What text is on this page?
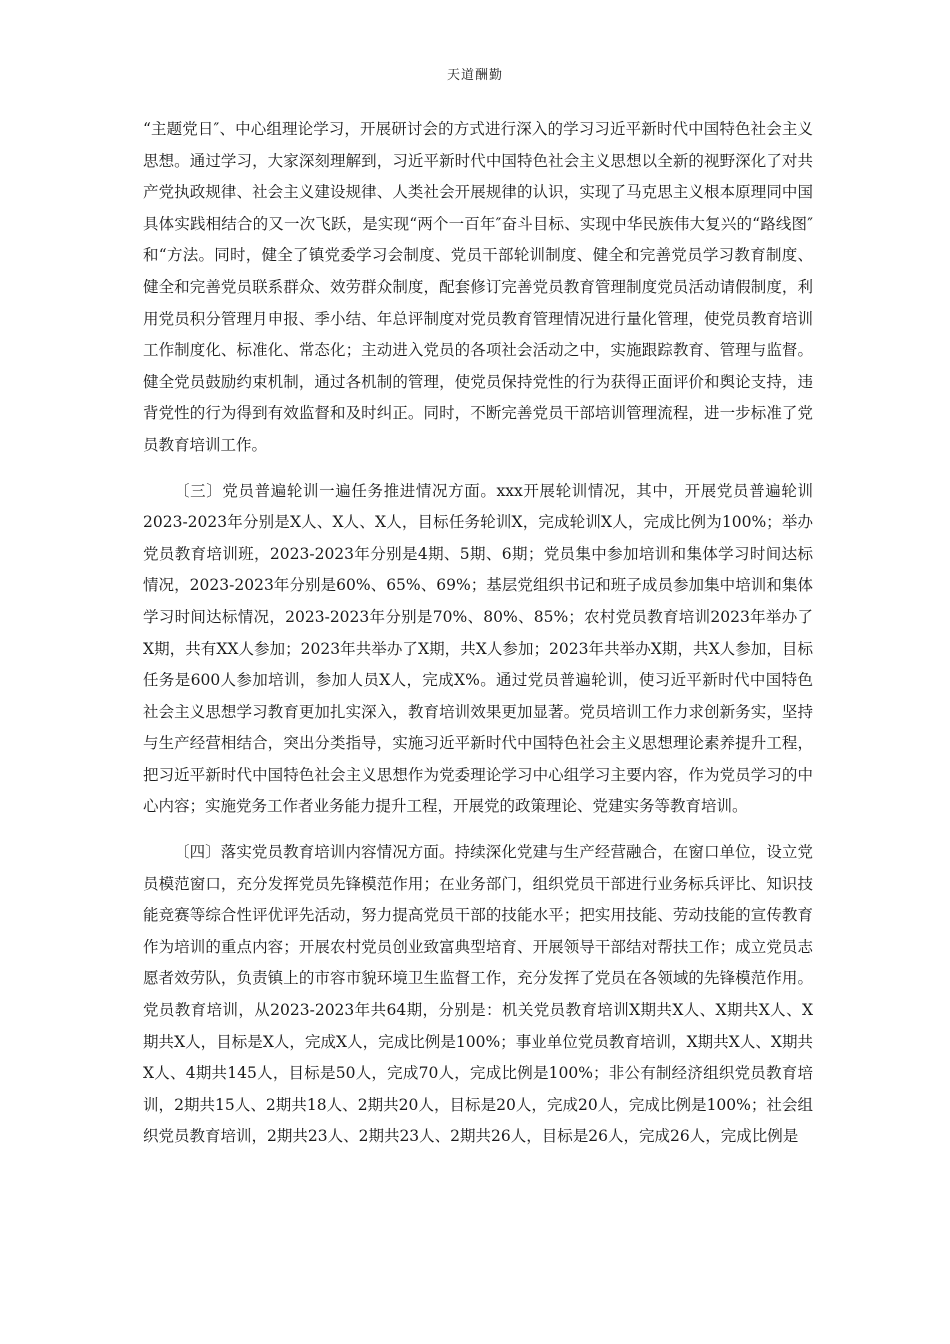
天道酬勤

“主题党日″、中心组理论学习，开展研讨会的方式进行深入的学习习近平新时代中国特色社会主义思想。通过学习，大家深刻理解到，习近平新时代中国特色社会主义思想以全新的视野深化了对共产党执政规律、社会主义建设规律、人类社会开展规律的认识，实现了马克思主义根本原理同中国具体实践相结合的又一次飞跃，是实现“两个一百年″奋斗目标、实现中华民族伟大复兴的“路线图″和“方法。同时，健全了镇党委学习会制度、党员干部轮训制度、健全和完善党员学习教育制度、健全和完善党员联系群众、效劳群众制度，配套修订完善党员教育管理制度党员活动请假制度，利用党员积分管理月申报、季小结、年总评制度对党员教育管理情况进行量化管理，使党员教育培训工作制度化、标准化、常态化；主动进入党员的各项社会活动之中，实施跟踪教育、管理与监督。健全党员鼓励约束机制，通过各机制的管理，使党员保持党性的行为获得正面评价和舆论支持，违背党性的行为得到有效监督和及时纠正。同时，不断完善党员干部培训管理流程，进一步标准了党员教育培训工作。

〔三〕党员普遍轮训一遍任务推进情况方面。xxx开展轮训情况，其中，开展党员普遍轮训2023-2023年分别是X人、X人、X人，目标任务轮训X，完成轮训X人，完成比例为100%；举办党员教育培训班，2023-2023年分别是4期、5期、6期；党员集中参加培训和集体学习时间达标情况，2023-2023年分别是60%、65%、69%；基层党组织书记和班子成员参加集中培训和集体学习时间达标情况，2023-2023年分别是70%、80%、85%；农村党员教育培训2023年举办了X期，共有XX人参加；2023年共举办了X期，共X人参加；2023年共举办X期，共X人参加，目标任务是600人参加培训，参加人员X人，完成X%。通过党员普遍轮训，使习近平新时代中国特色社会主义思想学习教育更加扎实深入，教育培训效果更加显著。党员培训工作力求创新务实，坚持与生产经营相结合，突出分类指导，实施习近平新时代中国特色社会主义思想理论素养提升工程，把习近平新时代中国特色社会主义思想作为党委理论学习中心组学习主要内容，作为党员学习的中心内容；实施党务工作者业务能力提升工程，开展党的政策理论、党建实务等教育培训。

〔四〕落实党员教育培训内容情况方面。持续深化党建与生产经营融合，在窗口单位，设立党员模范窗口，充分发挥党员先锋模范作用；在业务部门，组织党员干部进行业务标兵评比、知识技能竞赛等综合性评优评先活动，努力提高党员干部的技能水平；把实用技能、劳动技能的宣传教育作为培训的重点内容；开展农村党员创业致富典型培育、开展领导干部结对帮扶工作；成立党员志愿者效劳队，负责镇上的市容市貌环境卫生监督工作，充分发挥了党员在各领域的先锋模范作用。党员教育培训，从2023-2023年共64期，分别是：机关党员教育培训X期共X人、X期共X人、X期共X人，目标是X人，完成X人，完成比例是100%；事业单位党员教育培训，X期共X人、X期共X人、4期共145人，目标是50人，完成70人，完成比例是100%；非公有制经济组织党员教育培训，2期共15人、2期共18人、2期共20人，目标是20人，完成20人，完成比例是100%；社会组织党员教育培训，2期共23人、2期共23人、2期共26人，目标是26人，完成26人，完成比例是
